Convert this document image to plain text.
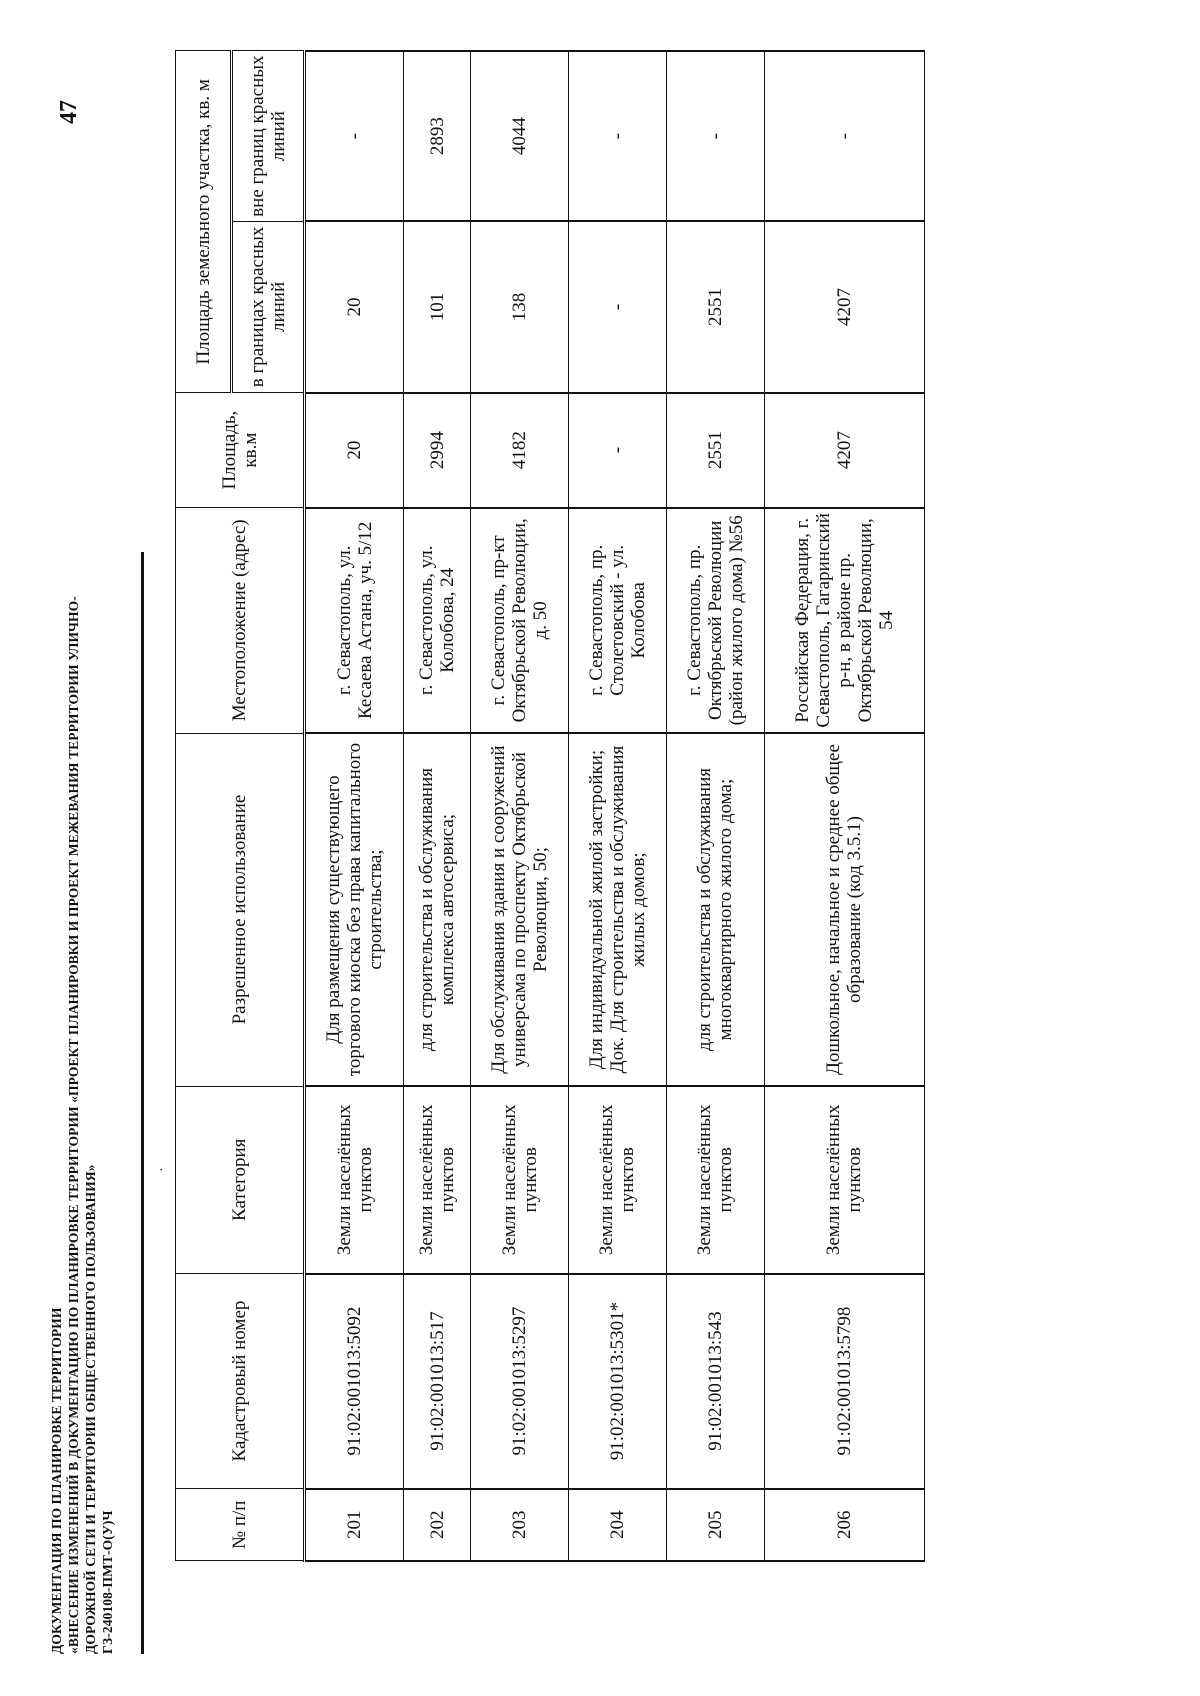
47
ДОКУМЕНТАЦИЯ ПО ПЛАНИРОВКЕ ТЕРРИТОРИИ «ВНЕСЕНИЕ ИЗМЕНЕНИЙ В ДОКУМЕНТАЦИЮ ПО ПЛАНИРОВКЕ ТЕРРИТОРИИ «ПРОЕКТ ПЛАНИРОВКИ И ПРОЕКТ МЕЖЕВАНИЯ ТЕРРИТОРИИ УЛИЧНО- ДОРОЖНОЙ СЕТИ И ТЕРРИТОРИИ ОБЩЕСТВЕННОГО ПОЛЬЗОВАНИЯ» ГЗ-240108-ПМТ-О(У)Ч
·
№ п/п	Кадастровый номер	Категория	Разрешенное использование	Местоположение (адрес)	Площадь, кв.м	Площадь земельного участка, кв. м	
						в границах красных линий	вне границ красных линий
201	91:02:001013:5092	Земли населённых пунктов	Для размещения существующего торгового киоска без права капитального строительства;	г. Севастополь, ул. Кесаева Астана, уч. 5/12	20	20	-
202	91:02:001013:517	Земли населённых пунктов	для строительства и обслуживания комплекса автосервиса;	г. Севастополь, ул. Колобова, 24	2994	101	2893
203	91:02:001013:5297	Земли населённых пунктов	Для обслуживания здания и сооружений универсама по проспекту Октябрьской Революции, 50;	г. Севастополь, пр-кт Октябрьской Революции, д. 50	4182	138	4044
204	91:02:001013:5301*	Земли населённых пунктов	Для индивидуальной жилой застройки; Док. Для строительства и обслуживания жилых домов;	г. Севастополь, пр. Столетовский - ул. Колобова	-	-	-
205	91:02:001013:543	Земли населённых пунктов	для строительства и обслуживания многоквартирного жилого дома;	г. Севастополь, пр. Октябрьской Революции (район жилого дома) №56	2551	2551	-
206	91:02:001013:5798	Земли населённых пунктов	Дошкольное, начальное и среднее общее образование (код 3.5.1)	Российская Федерация, г. Севастополь, Гагаринский р-н, в районе пр. Октябрьской Революции, 54	4207	4207	-
